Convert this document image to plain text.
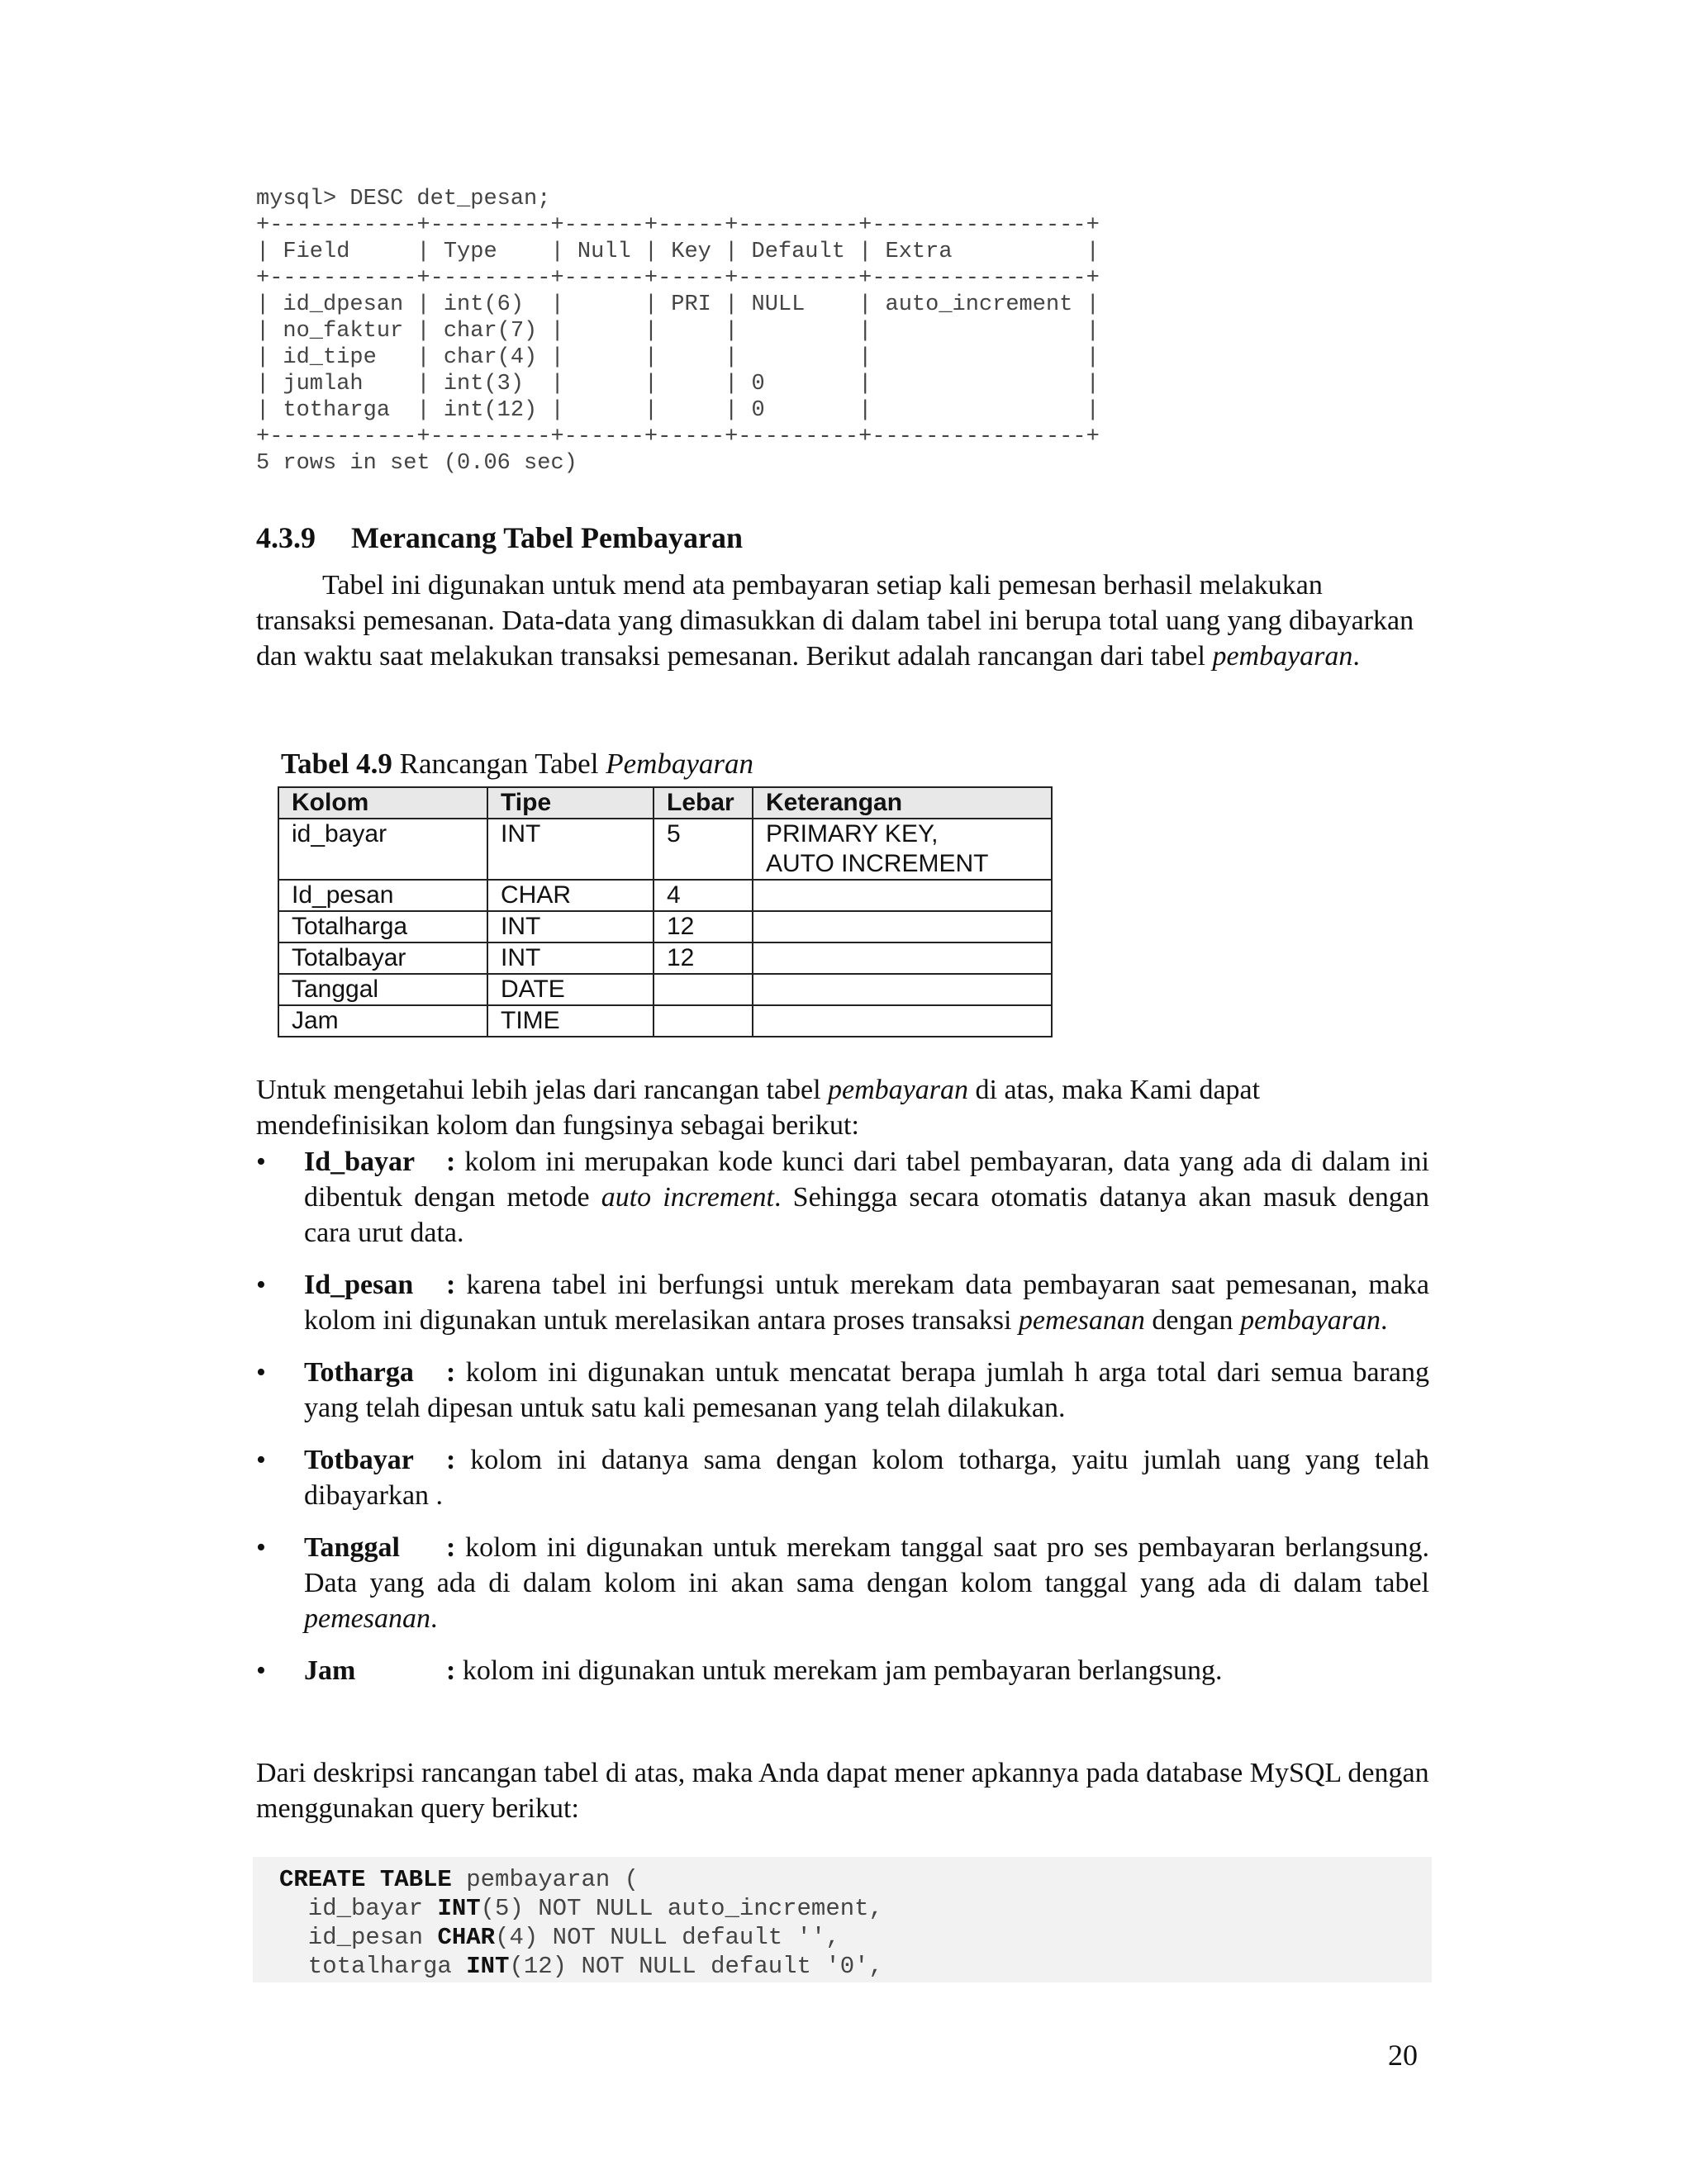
mysql> DESC det_pesan;
+-----------+---------+------+-----+---------+----------------+
| Field     | Type    | Null | Key | Default | Extra          |
+-----------+---------+------+-----+---------+----------------+
| id_dpesan | int(6)  |      | PRI | NULL    | auto_increment |
| no_faktur | char(7) |      |     |         |                |
| id_tipe   | char(4) |      |     |         |                |
| jumlah    | int(3)  |      |     | 0       |                |
| totharga  | int(12) |      |     | 0       |                |
+-----------+---------+------+-----+---------+----------------+
5 rows in set (0.06 sec)
4.3.9 Merancang Tabel Pembayaran

Tabel ini digunakan untuk mend ata pembayaran setiap kali pemesan berhasil melakukan transaksi pemesanan. Data-data yang dimasukkan di dalam tabel ini berupa total uang yang dibayarkan dan waktu saat melakukan transaksi pemesanan. Berikut adalah rancangan dari tabel pembayaran.

Tabel 4.9 Rancangan Tabel Pembayaran

Kolom	Tipe	Lebar	Keterangan
id_bayar	INT	5	PRIMARY KEY,
AUTO INCREMENT
Id_pesan	CHAR	4	
Totalharga	INT	12	
Totalbayar	INT	12	
Tanggal	DATE		
Jam	TIME		

Untuk mengetahui lebih jelas dari rancangan tabel pembayaran di atas, maka Kami dapat mendefinisikan kolom dan fungsinya sebagai berikut:

•	Id_bayar : kolom ini merupakan kode kunci dari tabel pembayaran, data yang ada di dalam ini dibentuk dengan metode auto increment. Sehingga secara otomatis datanya akan masuk dengan cara urut data.
•	Id_pesan : karena tabel ini berfungsi untuk merekam data pembayaran saat pemesanan, maka kolom ini digunakan untuk merelasikan antara proses transaksi pemesanan dengan pembayaran.
•	Totharga : kolom ini digunakan untuk mencatat berapa jumlah h arga total dari semua barang yang telah dipesan untuk satu kali pemesanan yang telah dilakukan.
•	Totbayar : kolom ini datanya sama dengan kolom totharga, yaitu jumlah uang yang telah dibayarkan .
•	Tanggal : kolom ini digunakan untuk merekam tanggal saat pro ses pembayaran berlangsung. Data yang ada di dalam kolom ini akan sama dengan kolom tanggal yang ada di dalam tabel pemesanan.
•	Jam	: kolom ini digunakan untuk merekam jam pembayaran berlangsung.

Dari deskripsi rancangan tabel di atas, maka Anda dapat mener apkannya pada database MySQL dengan menggunakan query berikut:

CREATE TABLE pembayaran (
id_bayar INT(5) NOT NULL auto_increment,
id_pesan CHAR(4) NOT NULL default '',
totalharga INT(12) NOT NULL default '0',
20
